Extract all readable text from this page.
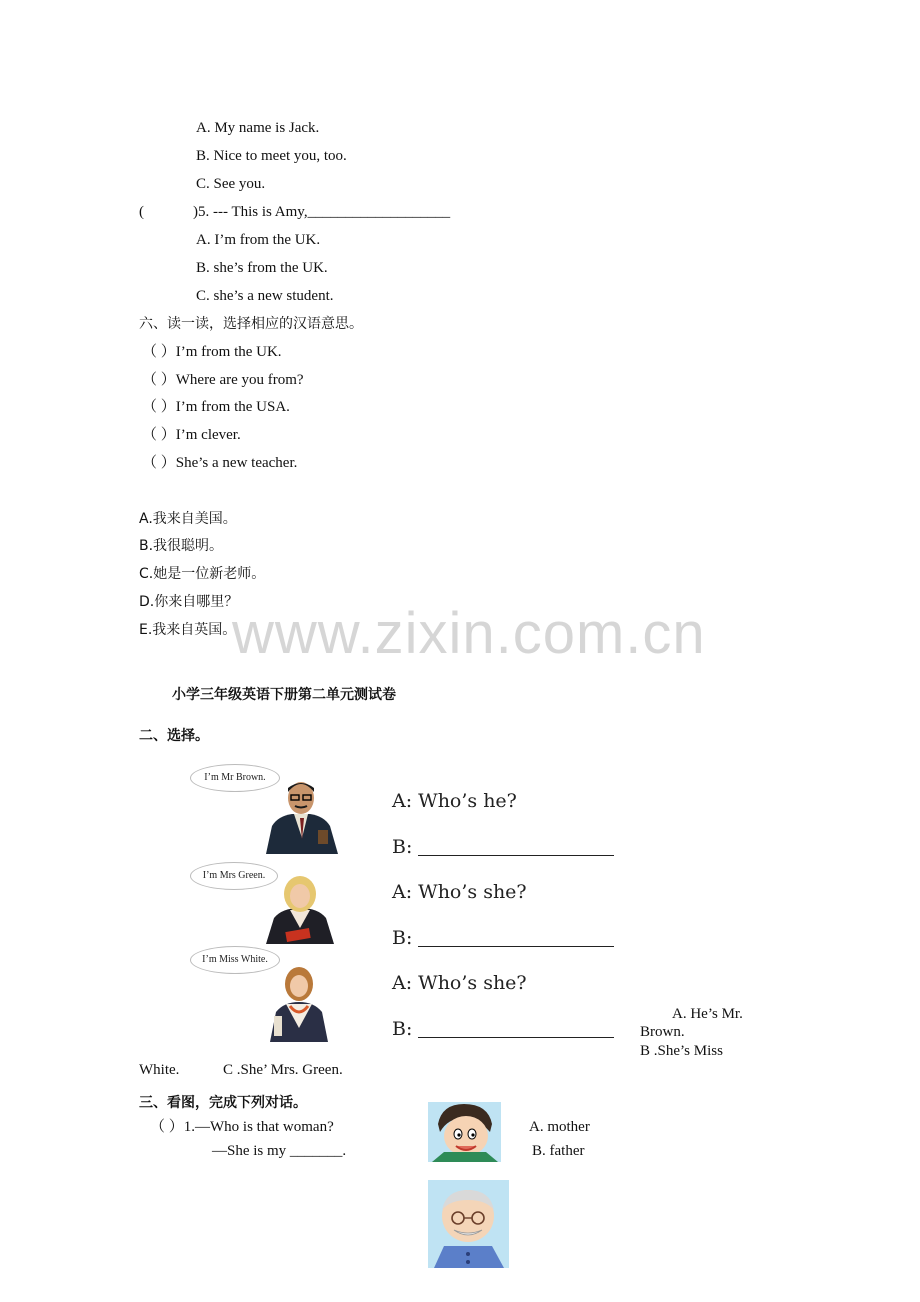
A. My name is Jack.
B. Nice to meet you, too.
C. See you.
(	)5. --- This is Amy,___________________
A. I’m from the UK.
B. she’s from the UK.
C. she’s a new student.
六、读一读，选择相应的汉语意思。
（ ）I’m from the UK.
（ ）Where are you from?
（ ）I’m from the USA.
（ ）I’m clever.
（ ）She’s a new teacher.
A.我来自美国。
B.我很聪明。
C.她是一位新老师。
D.你来自哪里？
E.我来自英国。
www.zixin.com.cn
小学三年级英语下册第二单元测试卷
二、选择。
I’m Mr Brown.
I’m Mrs Green.
I’m Miss White.
A: Who’s he?
B:
A: Who’s she?
B:
A: Who’s she?
B:
A. He’s Mr.
Brown.
B .She’s Miss
White.	C .She’ Mrs. Green.
三、看图，完成下列对话。
（ ）1.—Who is that woman?
—She is my _______.
A. mother
B. father
